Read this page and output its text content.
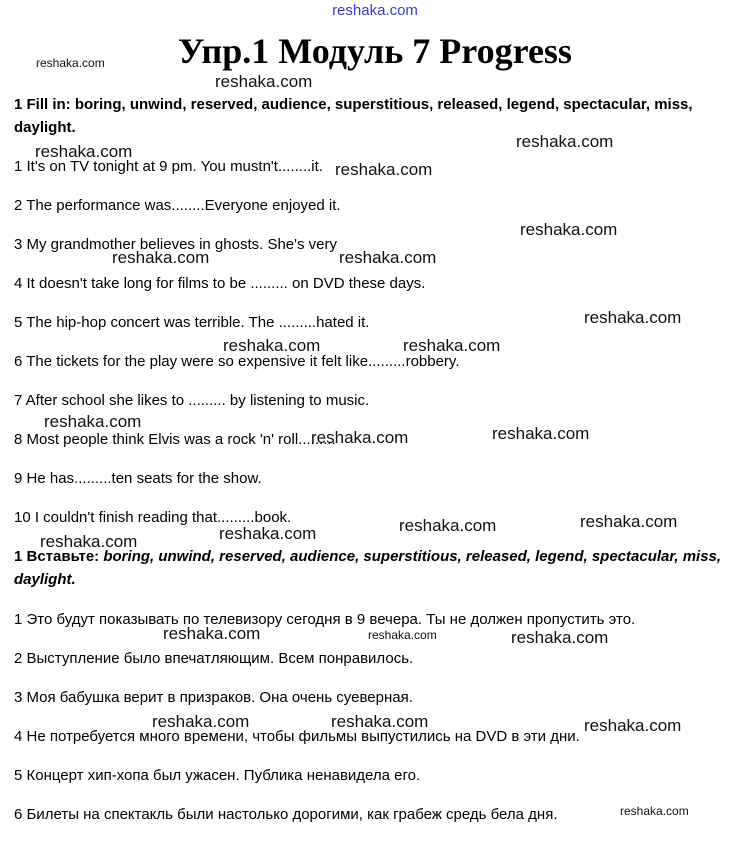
reshaka.com
Упр.1 Модуль 7 Progress
1 Fill in: boring, unwind, reserved, audience, superstitious, released, legend, spectacular, miss,
daylight.
1 It's on TV tonight at 9 pm. You mustn't........it.
2 The performance was........Everyone enjoyed it.
3 My grandmother believes in ghosts. She's very
4 It doesn't take long for films to be ......... on DVD these days.
5 The hip-hop concert was terrible. The .........hated it.
6 The tickets for the play were so expensive it felt like.........robbery.
7 After school she likes to ......... by listening to music.
8 Most people think Elvis was a rock 'n' roll.........
9 He has.........ten seats for the show.
10 I couldn't finish reading that.........book.
1 Вставьте: boring, unwind, reserved, audience, superstitious, released, legend, spectacular, miss,
daylight.
1 Это будут показывать по телевизору сегодня в 9 вечера. Ты не должен пропустить это.
2 Выступление было впечатляющим. Всем понравилось.
3 Моя бабушка верит в призраков. Она очень суеверная.
4 Не потребуется много времени, чтобы фильмы выпустились на DVD в эти дни.
5 Концерт хип-хопа был ужасен. Публика ненавидела его.
6 Билеты на спектакль были настолько дорогими, как грабеж средь бела дня.
reshaka.com
reshaka.com
reshaka.com
reshaka.com
reshaka.com
reshaka.com
reshaka.com	reshaka.com
reshaka.com
reshaka.com	reshaka.com
reshaka.com
reshaka.com	reshaka.com
reshaka.com	reshaka.com
reshaka.com
reshaka.com
reshaka.com	reshaka.com	reshaka.com
reshaka.com	reshaka.com	reshaka.com
reshaka.com
